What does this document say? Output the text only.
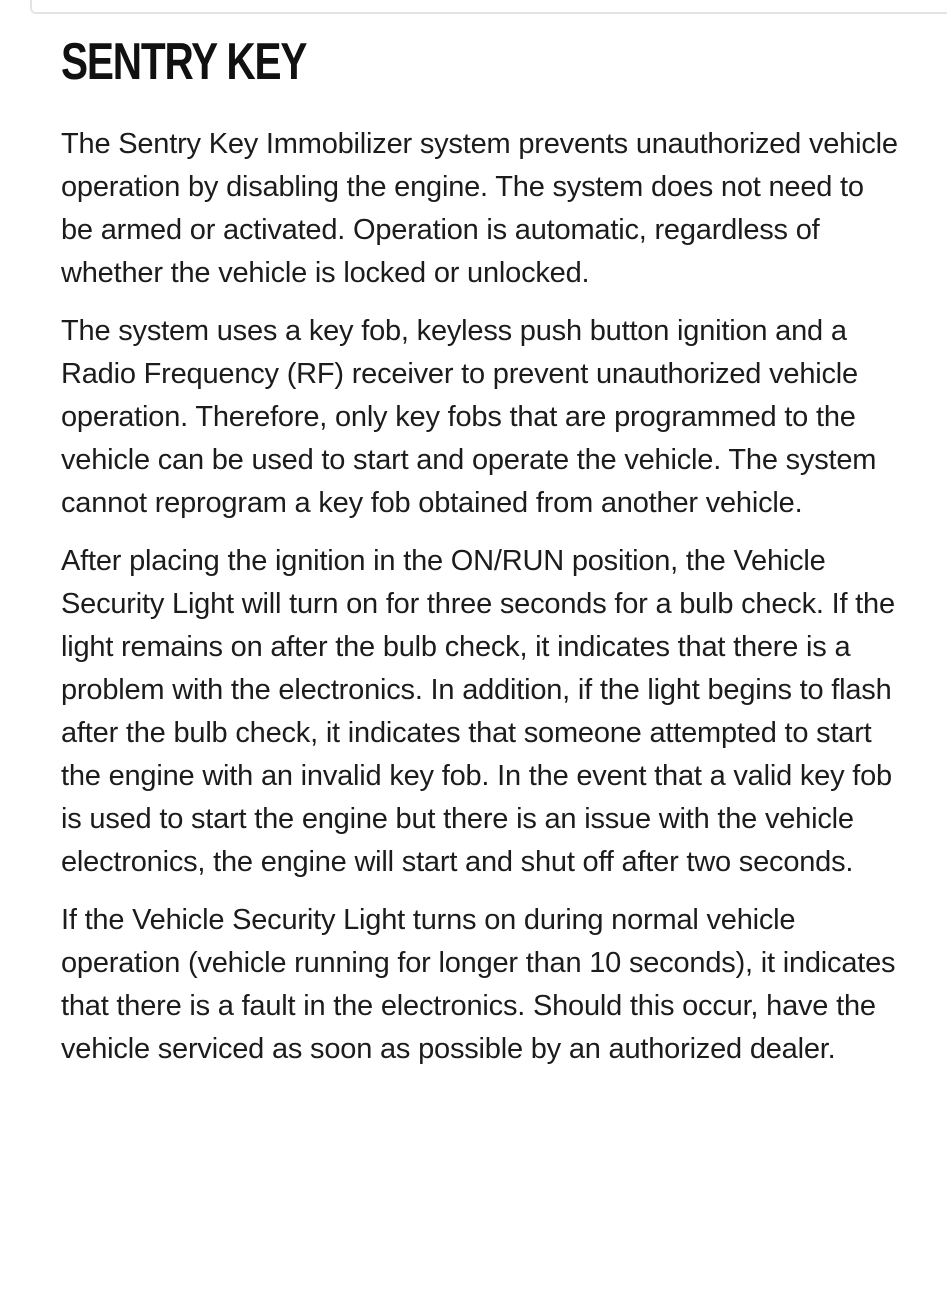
SENTRY KEY

The Sentry Key Immobilizer system prevents unauthorized vehicle operation by disabling the engine. The system does not need to be armed or activated. Operation is automatic, regardless of whether the vehicle is locked or unlocked.

The system uses a key fob, keyless push button ignition and a Radio Frequency (RF) receiver to prevent unauthorized vehicle operation. Therefore, only key fobs that are programmed to the vehicle can be used to start and operate the vehicle. The system cannot reprogram a key fob obtained from another vehicle.

After placing the ignition in the ON/RUN position, the Vehicle Security Light will turn on for three seconds for a bulb check. If the light remains on after the bulb check, it indicates that there is a problem with the electronics. In addition, if the light begins to flash after the bulb check, it indicates that someone attempted to start the engine with an invalid key fob. In the event that a valid key fob is used to start the engine but there is an issue with the vehicle electronics, the engine will start and shut off after two seconds.

If the Vehicle Security Light turns on during normal vehicle operation (vehicle running for longer than 10 seconds), it indicates that there is a fault in the electronics. Should this occur, have the vehicle serviced as soon as possible by an authorized dealer.
